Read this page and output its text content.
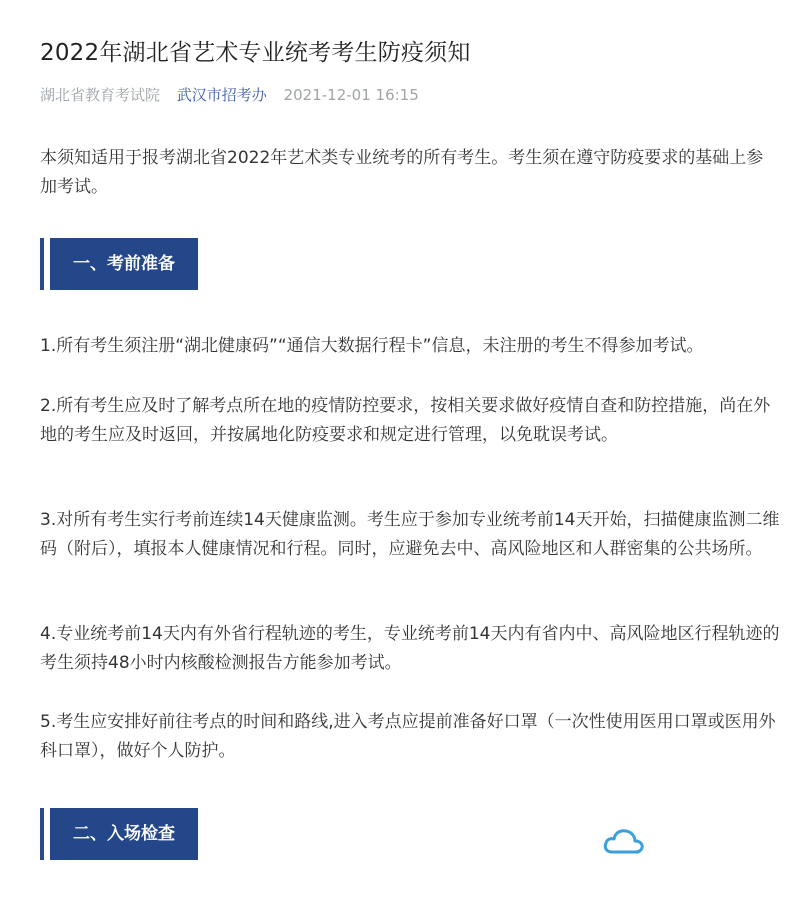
2022年湖北省艺术专业统考考生防疫须知
湖北省教育考试院 武汉市招考办 2021-12-01 16:15

本须知适用于报考湖北省2022年艺术类专业统考的所有考生。考生须在遵守防疫要求的基础上参加考试。

一、考前准备

1.所有考生须注册“湖北健康码”“通信大数据行程卡”信息，未注册的考生不得参加考试。

2.所有考生应及时了解考点所在地的疫情防控要求，按相关要求做好疫情自查和防控措施，尚在外地的考生应及时返回，并按属地化防疫要求和规定进行管理，以免耽误考试。

3.对所有考生实行考前连续14天健康监测。考生应于参加专业统考前14天开始，扫描健康监测二维码（附后），填报本人健康情况和行程。同时，应避免去中、高风险地区和人群密集的公共场所。

4.专业统考前14天内有外省行程轨迹的考生，专业统考前14天内有省内中、高风险地区行程轨迹的考生须持48小时内核酸检测报告方能参加考试。

5.考生应安排好前往考点的时间和路线,进入考点应提前准备好口罩（一次性使用医用口罩或医用外科口罩），做好个人防护。

二、入场检查
